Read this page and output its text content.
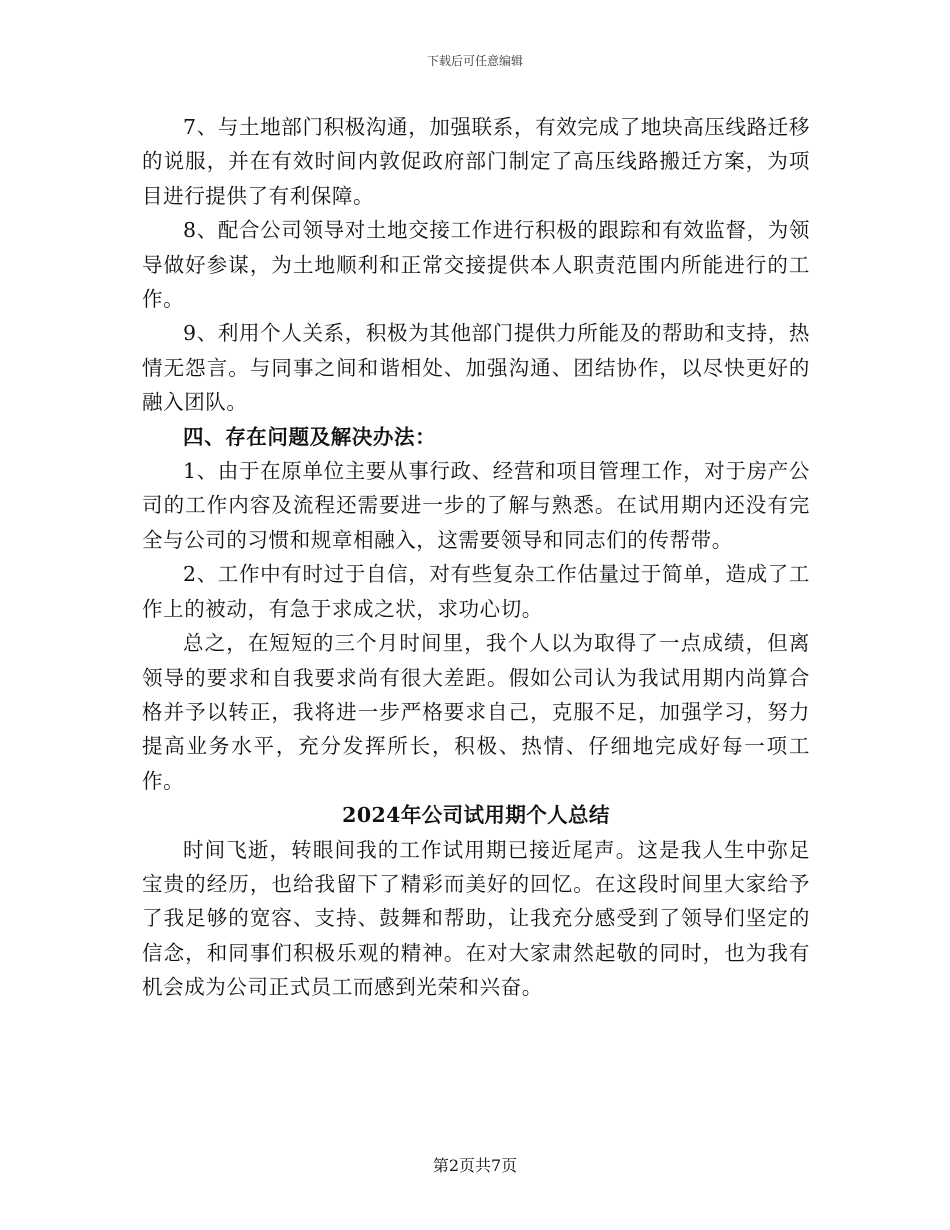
下载后可任意编辑

7、与土地部门积极沟通，加强联系，有效完成了地块高压线路迁移的说服，并在有效时间内敦促政府部门制定了高压线路搬迁方案，为项目进行提供了有利保障。

8、配合公司领导对土地交接工作进行积极的跟踪和有效监督，为领导做好参谋，为土地顺利和正常交接提供本人职责范围内所能进行的工作。

9、利用个人关系，积极为其他部门提供力所能及的帮助和支持，热情无怨言。与同事之间和谐相处、加强沟通、团结协作，以尽快更好的融入团队。

四、存在问题及解决办法：

1、由于在原单位主要从事行政、经营和项目管理工作，对于房产公司的工作内容及流程还需要进一步的了解与熟悉。在试用期内还没有完全与公司的习惯和规章相融入，这需要领导和同志们的传帮带。

2、工作中有时过于自信，对有些复杂工作估量过于简单，造成了工作上的被动，有急于求成之状，求功心切。

总之，在短短的三个月时间里，我个人以为取得了一点成绩，但离领导的要求和自我要求尚有很大差距。假如公司认为我试用期内尚算合格并予以转正，我将进一步严格要求自己，克服不足，加强学习，努力提高业务水平，充分发挥所长，积极、热情、仔细地完成好每一项工作。

2024年公司试用期个人总结

时间飞逝，转眼间我的工作试用期已接近尾声。这是我人生中弥足宝贵的经历，也给我留下了精彩而美好的回忆。在这段时间里大家给予了我足够的宽容、支持、鼓舞和帮助，让我充分感受到了领导们坚定的信念，和同事们积极乐观的精神。在对大家肃然起敬的同时，也为我有机会成为公司正式员工而感到光荣和兴奋。

第2页共7页
